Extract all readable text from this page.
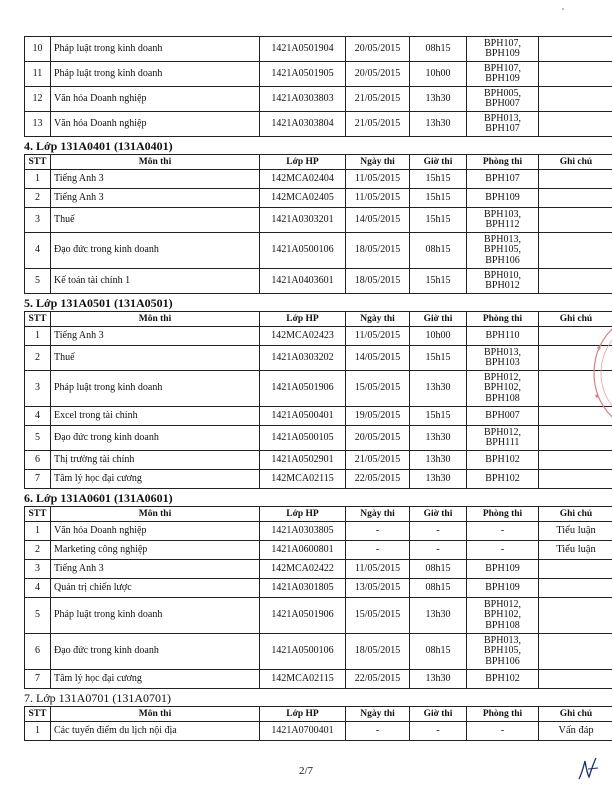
10	Pháp luật trong kinh doanh	1421A0501904	20/05/2015	08h15	BPH107,
BPH109	

11	Pháp luật trong kinh doanh	1421A0501905	20/05/2015	10h00	BPH107,
BPH109	

12	Văn hóa Doanh nghiệp	1421A0303803	21/05/2015	13h30	BPH005,
BPH007	

13	Văn hóa Doanh nghiệp	1421A0303804	21/05/2015	13h30	BPH013,
BPH107	

4. Lớp 131A0401 (131A0401)
STT	Môn thi	Lớp HP	Ngày thi	Giờ thi	Phòng thi	Ghi chú
1	Tiếng Anh 3	142MCA02404	11/05/2015	15h15	BPH107	

2	Tiếng Anh 3	142MCA02405	11/05/2015	15h15	BPH109	

3	Thuế	1421A0303201	14/05/2015	15h15	BPH103,
BPH112	

4	Đạo đức trong kinh doanh	1421A0500106	18/05/2015	08h15	BPH013,
BPH105,
BPH106	

5	Kế toán tài chính 1	1421A0403601	18/05/2015	15h15	BPH010,
BPH012	

5. Lớp 131A0501 (131A0501)
STT	Môn thi	Lớp HP	Ngày thi	Giờ thi	Phòng thi	Ghi chú
1	Tiếng Anh 3	142MCA02423	11/05/2015	10h00	BPH110	

2	Thuế	1421A0303202	14/05/2015	15h15	BPH013,
BPH103	

3	Pháp luật trong kinh doanh	1421A0501906	15/05/2015	13h30	BPH012,
BPH102,
BPH108	

4	Excel trong tài chính	1421A0500401	19/05/2015	15h15	BPH007	

5	Đạo đức trong kinh doanh	1421A0500105	20/05/2015	13h30	BPH012,
BPH111	

6	Thị trường tài chính	1421A0502901	21/05/2015	13h30	BPH102	

7	Tâm lý học đại cương	142MCA02115	22/05/2015	13h30	BPH102	

6. Lớp 131A0601 (131A0601)
STT	Môn thi	Lớp HP	Ngày thi	Giờ thi	Phòng thi	Ghi chú
1	Văn hóa Doanh nghiệp	1421A0303805	-	-	-	Tiểu luận
2	Marketing công nghiệp	1421A0600801	-	-	-	Tiểu luận
3	Tiếng Anh 3	142MCA02422	11/05/2015	08h15	BPH109	

4	Quản trị chiến lược	1421A0301805	13/05/2015	08h15	BPH109	

5	Pháp luật trong kinh doanh	1421A0501906	15/05/2015	13h30	BPH012,
BPH102,
BPH108	

6	Đạo đức trong kinh doanh	1421A0500106	18/05/2015	08h15	BPH013,
BPH105,
BPH106	

7	Tâm lý học đại cương	142MCA02115	22/05/2015	13h30	BPH102	

7. Lớp 131A0701 (131A0701)
STT	Môn thi	Lớp HP	Ngày thi	Giờ thi	Phòng thi	Ghi chú
1	Các tuyến điểm du lịch nội địa	1421A0700401	-	-	-	Vấn đáp
2/7
